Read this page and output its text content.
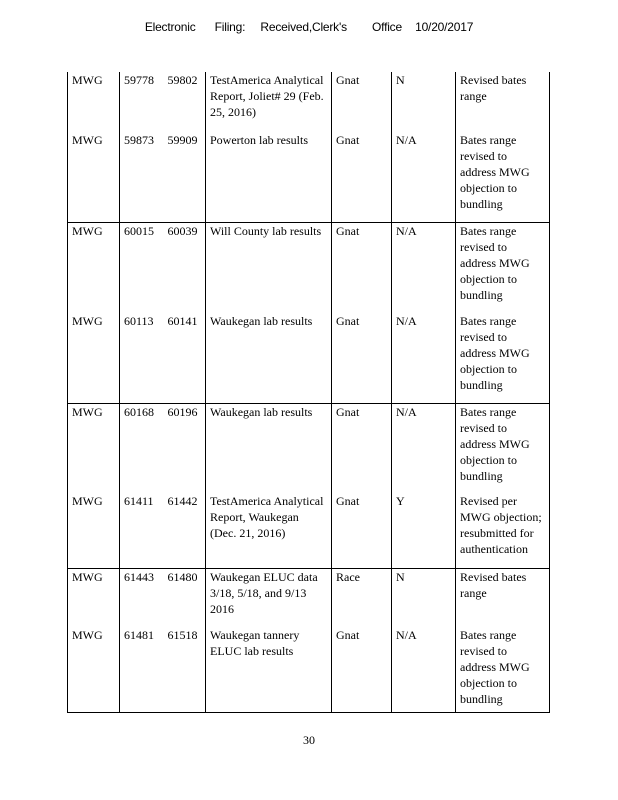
Electronic Filing: Received,Clerk's Office 10/20/2017
MWG	59778	59802	TestAmerica Analytical
Report, Joliet# 29 (Feb.
25, 2016)	Gnat	N	Revised bates
range

MWG	59873	59909	Powerton lab results	Gnat	N/A	Bates range
revised to
address MWG
objection to
bundling

MWG	60015	60039	Will County lab results	Gnat	N/A	Bates range
revised to
address MWG
objection to
bundling

MWG	60113	60141	Waukegan lab results	Gnat	N/A	Bates range
revised to
address MWG
objection to
bundling

MWG	60168	60196	Waukegan lab results	Gnat	N/A	Bates range
revised to
address MWG
objection to
bundling

MWG	61411	61442	TestAmerica Analytical
Report, Waukegan
(Dec. 21, 2016)	Gnat	Y	Revised per
MWG objection;
resubmitted for
authentication

MWG	61443	61480	Waukegan ELUC data
3/18, 5/18, and 9/13
2016	Race	N	Revised bates
range

MWG	61481	61518	Waukegan tannery
ELUC lab results	Gnat	N/A	Bates range
revised to
address MWG
objection to
bundling
30
